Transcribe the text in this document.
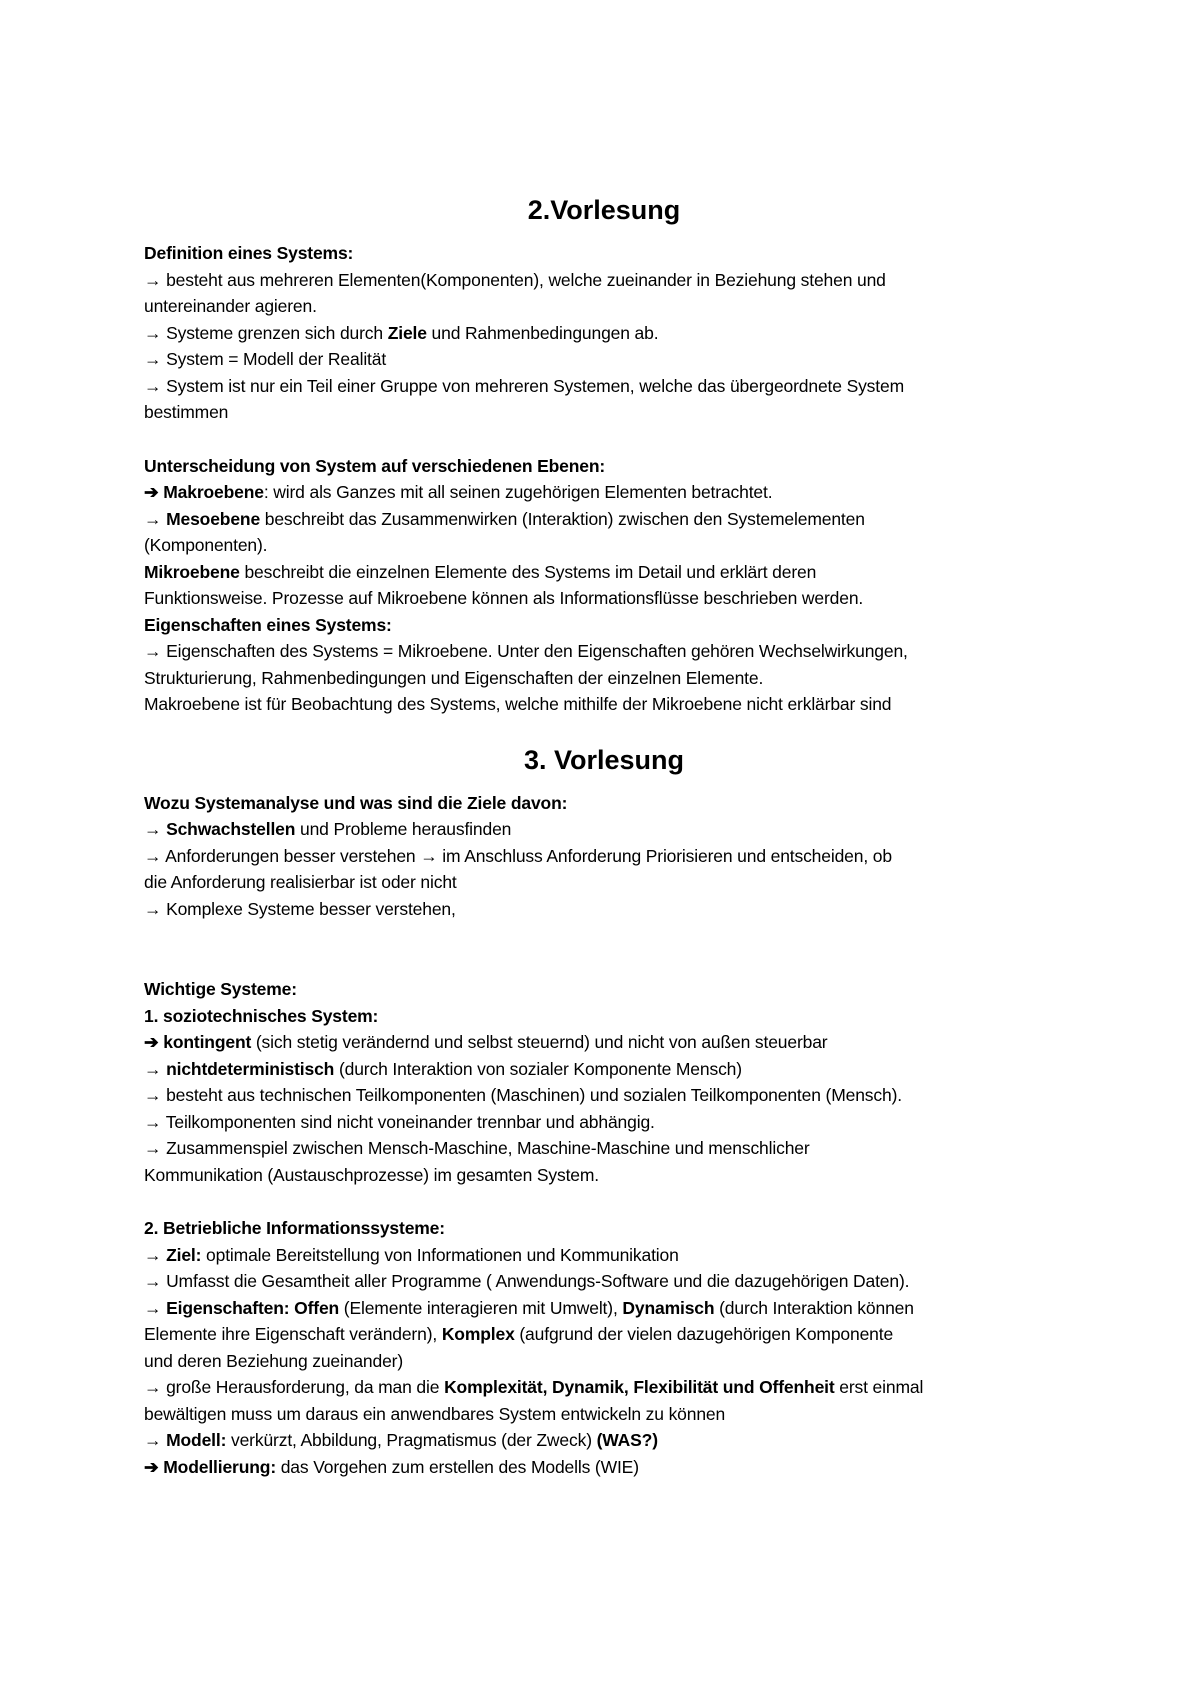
2.Vorlesung
Definition eines Systems:
→ besteht aus mehreren Elementen(Komponenten), welche zueinander in Beziehung stehen und
untereinander agieren.
→ Systeme grenzen sich durch Ziele und Rahmenbedingungen ab.
→ System = Modell der Realität
→ System ist nur ein Teil einer Gruppe von mehreren Systemen, welche das übergeordnete System
bestimmen
Unterscheidung von System auf verschiedenen Ebenen:
➔ Makroebene: wird als Ganzes mit all seinen zugehörigen Elementen betrachtet.
→ Mesoebene beschreibt das Zusammenwirken (Interaktion) zwischen den Systemelementen
(Komponenten).
Mikroebene beschreibt die einzelnen Elemente des Systems im Detail und erklärt deren
Funktionsweise. Prozesse auf Mikroebene können als Informationsflüsse beschrieben werden.
Eigenschaften eines Systems:
→ Eigenschaften des Systems = Mikroebene. Unter den Eigenschaften gehören Wechselwirkungen,
Strukturierung, Rahmenbedingungen und Eigenschaften der einzelnen Elemente.
Makroebene ist für Beobachtung des Systems, welche mithilfe der Mikroebene nicht erklärbar sind
3. Vorlesung
Wozu Systemanalyse und was sind die Ziele davon:
→ Schwachstellen und Probleme herausfinden
→ Anforderungen besser verstehen → im Anschluss Anforderung Priorisieren und entscheiden, ob
die Anforderung realisierbar ist oder nicht
→ Komplexe Systeme besser verstehen,
Wichtige Systeme:
1. soziotechnisches System:
➔ kontingent (sich stetig verändernd und selbst steuernd) und nicht von außen steuerbar
→ nichtdeterministisch (durch Interaktion von sozialer Komponente Mensch)
→ besteht aus technischen Teilkomponenten (Maschinen) und sozialen Teilkomponenten (Mensch).
→ Teilkomponenten sind nicht voneinander trennbar und abhängig.
→ Zusammenspiel zwischen Mensch-Maschine, Maschine-Maschine und menschlicher
Kommunikation (Austauschprozesse) im gesamten System.
2. Betriebliche Informationssysteme:
→ Ziel: optimale Bereitstellung von Informationen und Kommunikation
→ Umfasst die Gesamtheit aller Programme ( Anwendungs-Software und die dazugehörigen Daten).
→ Eigenschaften: Offen (Elemente interagieren mit Umwelt), Dynamisch (durch Interaktion können
Elemente ihre Eigenschaft verändern), Komplex (aufgrund der vielen dazugehörigen Komponente
und deren Beziehung zueinander)
→ große Herausforderung, da man die Komplexität, Dynamik, Flexibilität und Offenheit erst einmal
bewältigen muss um daraus ein anwendbares System entwickeln zu können
→ Modell: verkürzt, Abbildung, Pragmatismus (der Zweck) (WAS?)
➔ Modellierung: das Vorgehen zum erstellen des Modells (WIE)
